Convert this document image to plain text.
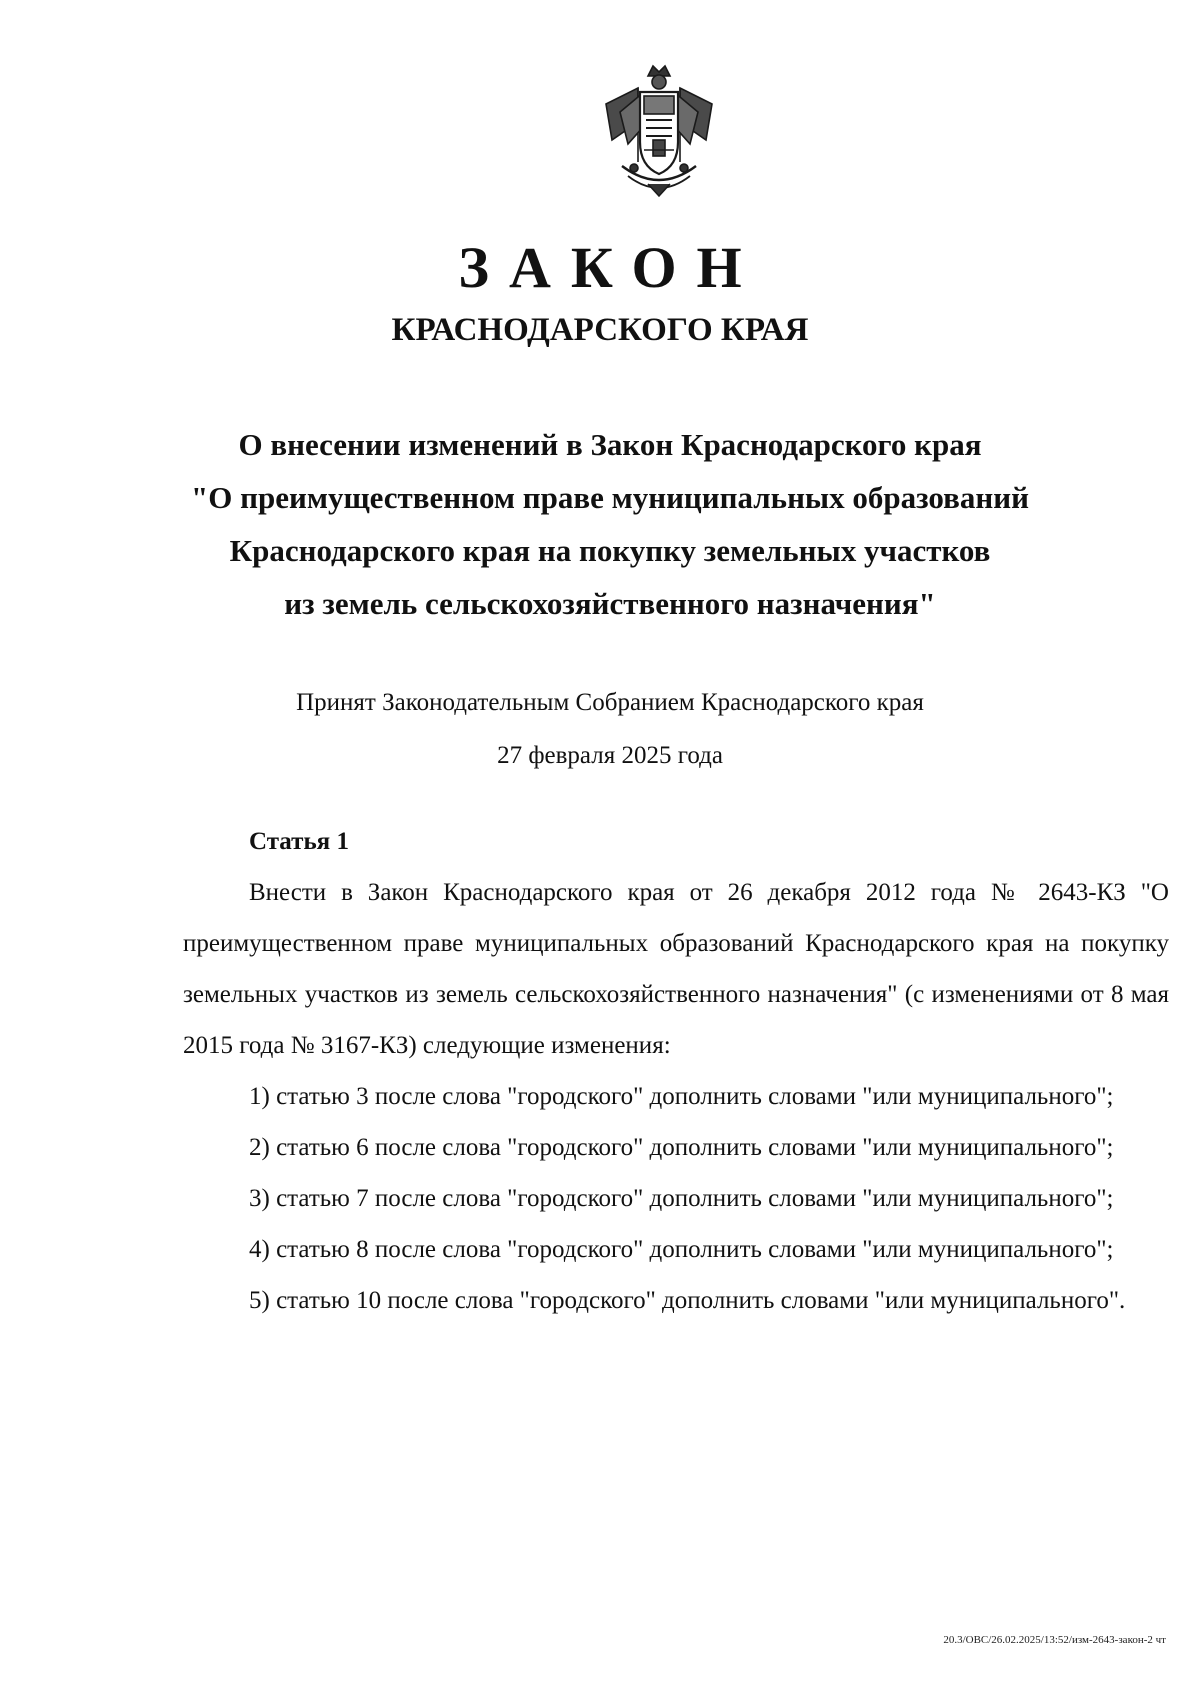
ЗАКОН
КРАСНОДАРСКОГО КРАЯ
О внесении изменений в Закон Краснодарского края
"О преимущественном праве муниципальных образований
Краснодарского края на покупку земельных участков
из земель сельскохозяйственного назначения"
Принят Законодательным Собранием Краснодарского края
27 февраля 2025 года
Статья 1

Внести в Закон Краснодарского края от 26 декабря 2012 года № 2643-КЗ "О преимущественном праве муниципальных образований Краснодарского края на покупку земельных участков из земель сельскохозяйственного назначения" (с изменениями от 8 мая 2015 года № 3167-КЗ) следующие изменения:

1) статью 3 после слова "городского" дополнить словами "или муниципального";

2) статью 6 после слова "городского" дополнить словами "или муниципального";

3) статью 7 после слова "городского" дополнить словами "или муниципального";

4) статью 8 после слова "городского" дополнить словами "или муниципального";

5) статью 10 после слова "городского" дополнить словами "или муниципального".

20.3/ОВС/26.02.2025/13:52/изм-2643-закон-2 чт
